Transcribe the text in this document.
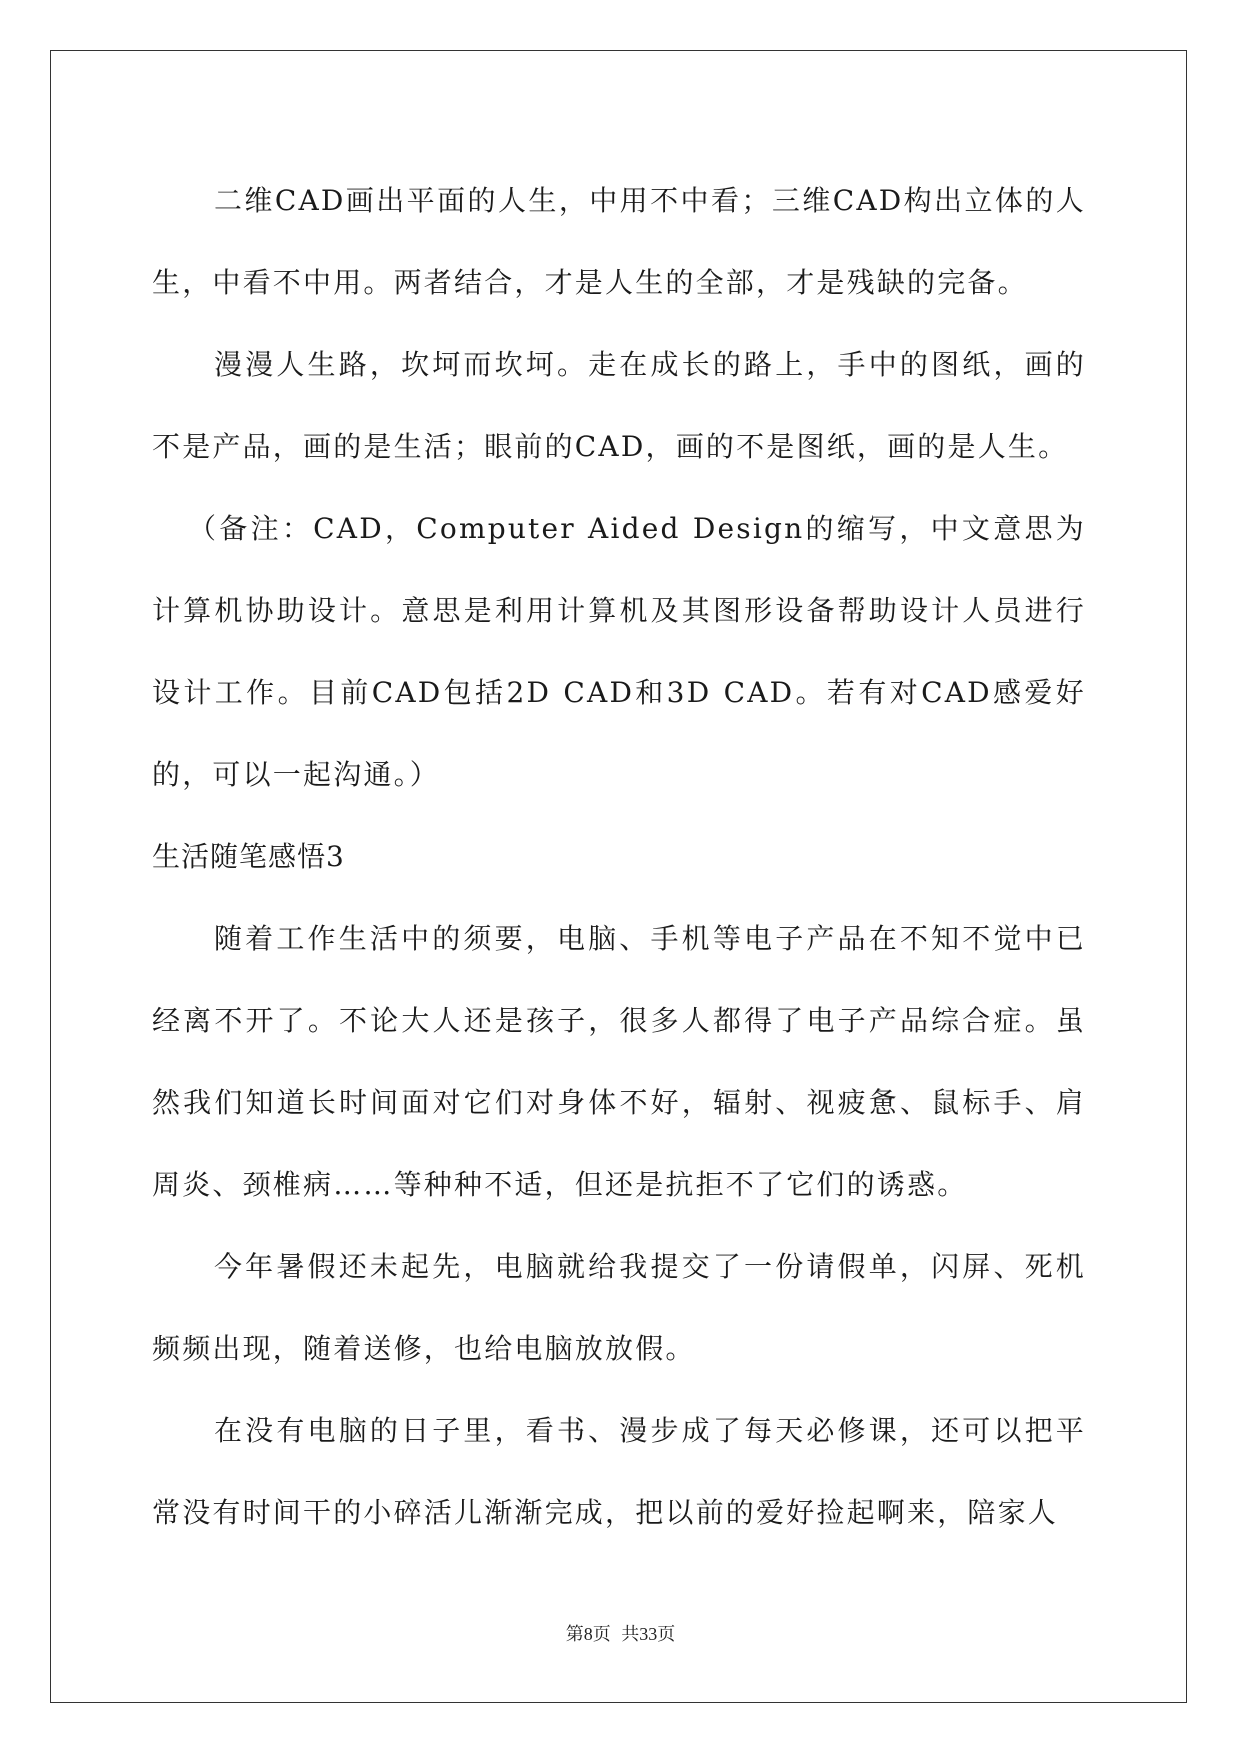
二维CAD画出平面的人生，中用不中看；三维CAD构出立体的人生，中看不中用。两者结合，才是人生的全部，才是残缺的完备。

漫漫人生路，坎坷而坎坷。走在成长的路上，手中的图纸，画的不是产品，画的是生活；眼前的CAD，画的不是图纸，画的是人生。

（备注：CAD，Computer Aided Design的缩写，中文意思为计算机协助设计。意思是利用计算机及其图形设备帮助设计人员进行设计工作。目前CAD包括2D CAD和3D CAD。若有对CAD感爱好的，可以一起沟通。）

生活随笔感悟3

随着工作生活中的须要，电脑、手机等电子产品在不知不觉中已经离不开了。不论大人还是孩子，很多人都得了电子产品综合症。虽然我们知道长时间面对它们对身体不好，辐射、视疲惫、鼠标手、肩周炎、颈椎病……等种种不适，但还是抗拒不了它们的诱惑。

今年暑假还未起先，电脑就给我提交了一份请假单，闪屏、死机频频出现，随着送修，也给电脑放放假。

在没有电脑的日子里，看书、漫步成了每天必修课，还可以把平常没有时间干的小碎活儿渐渐完成，把以前的爱好捡起啊来，陪家人

第8页 共33页
